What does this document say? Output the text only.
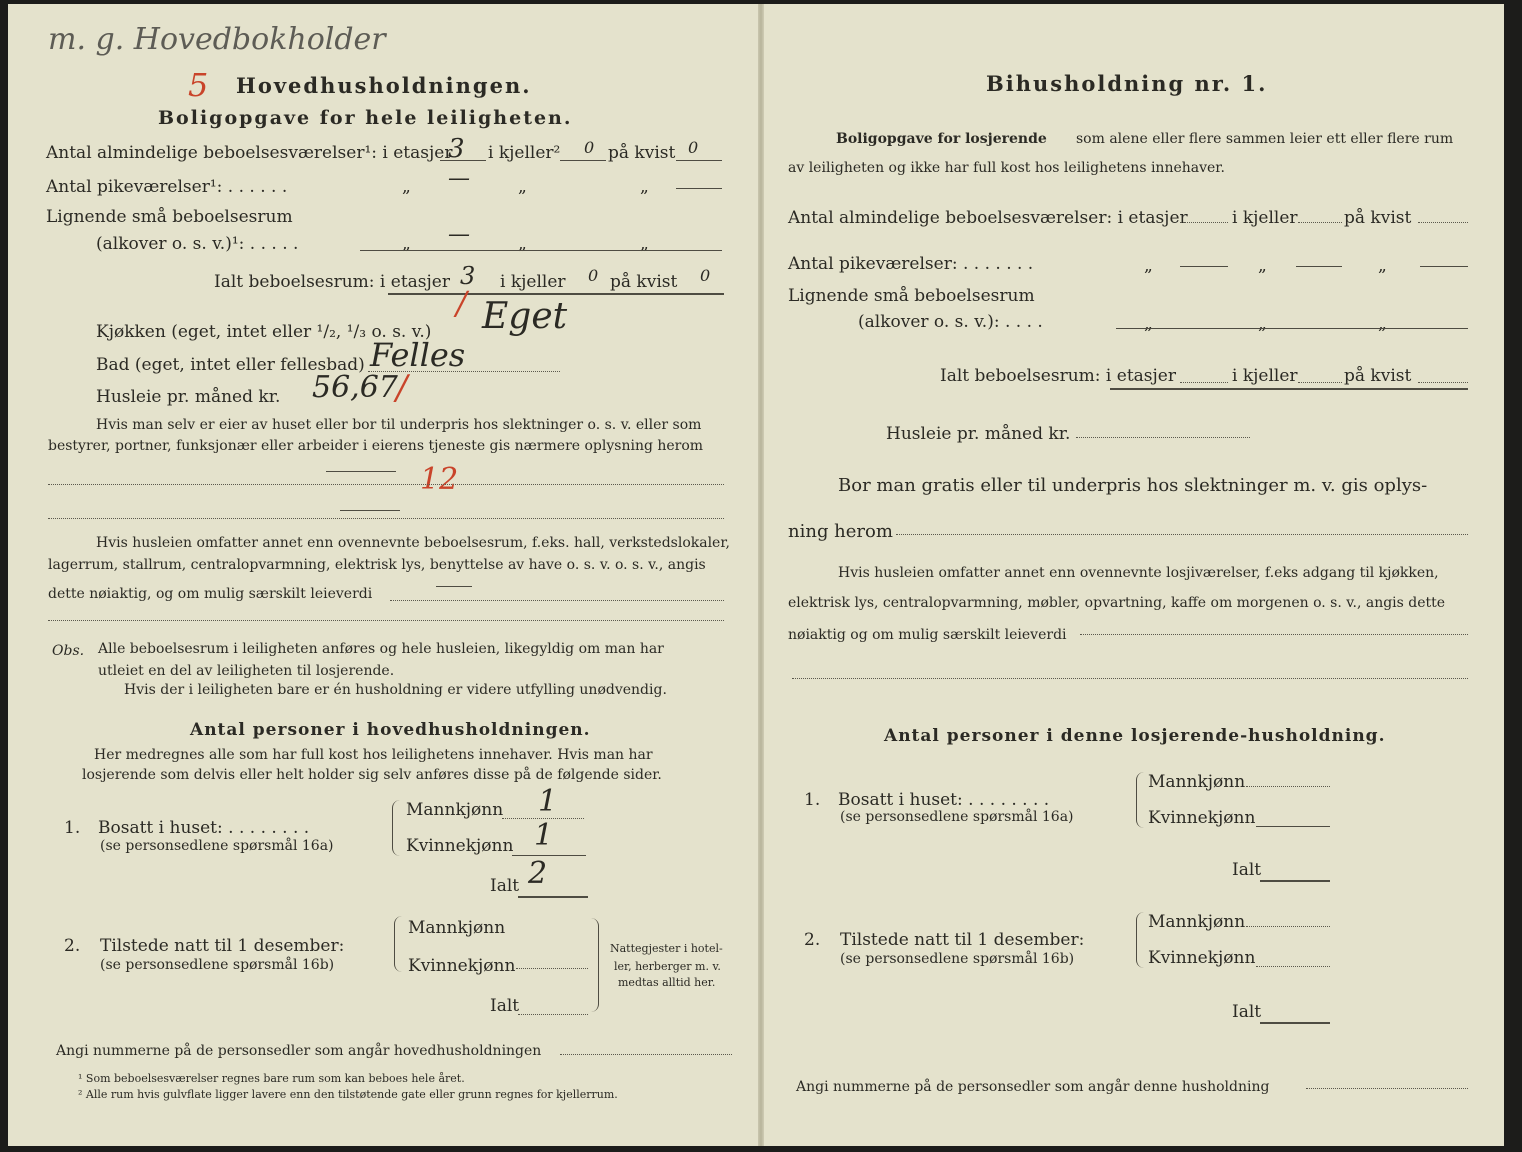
m. g. Hovedbokholder
5 Hovedhusholdningen.
Boligopgave for hele leiligheten.
Antal almindelige beboelsesværelser¹: i etasjer
3 i kjeller² 0 på kvist 0
Antal pikeværelser¹: . . . . . .	„ —	„	„
Lignende små beboelsesrum
(alkover o. s. v.)¹: . . . . .	„ —	„	„
Ialt beboelsesrum: i etasjer 3 i kjeller 0 på kvist 0
Kjøkken (eget, intet eller ¹/₂, ¹/₃ o. s. v.)
/ Eget
Bad (eget, intet eller fellesbad) Felles
Husleie pr. måned kr. 56,67
/
Hvis man selv er eier av huset eller bor til underpris hos slektninger o. s. v. eller som
bestyrer, portner, funksjonær eller arbeider i eierens tjeneste gis nærmere oplysning herom
12
Hvis husleien omfatter annet enn ovennevnte beboelsesrum, f.eks. hall, verkstedslokaler,
lagerrum, stallrum, centralopvarmning, elektrisk lys, benyttelse av have o. s. v. o. s. v., angis
dette nøiaktig, og om mulig særskilt leieverdi
Obs. Alle beboelsesrum i leiligheten anføres og hele husleien, likegyldig om man har
utleiet en del av leiligheten til losjerende.
Hvis der i leiligheten bare er én husholdning er videre utfylling unødvendig.
Antal personer i hovedhusholdningen.
Her medregnes alle som har full kost hos leilighetens innehaver. Hvis man har
losjerende som delvis eller helt holder sig selv anføres disse på de følgende sider.
1. Bosatt i huset: . . . . . . . .
(se personsedlene spørsmål 16a)
Mannkjønn 1
Kvinnekjønn 1
Ialt 2
2. Tilstede natt til 1 desember:
(se personsedlene spørsmål 16b)
Mannkjønn
Kvinnekjønn
Ialt
Nattegjester i hotel-
ler, herberger m. v.
medtas alltid her.
Angi nummerne på de personsedler som angår hovedhusholdningen
¹ Som beboelsesværelser regnes bare rum som kan beboes hele året.
² Alle rum hvis gulvflate ligger lavere enn den tilstøtende gate eller grunn regnes for kjellerrum.
Bihusholdning nr. 1.
Boligopgave for losjerende som alene eller flere sammen leier ett eller flere rum
av leiligheten og ikke har full kost hos leilighetens innehaver.
Antal almindelige beboelsesværelser: i etasjer	i kjeller	på kvist
Antal pikeværelser: . . . . . . .	„	„	„
Lignende små beboelsesrum
(alkover o. s. v.): . . . .	„	„	„
Ialt beboelsesrum: i etasjer	i kjeller	på kvist
Husleie pr. måned kr.
Bor man gratis eller til underpris hos slektninger m. v. gis oplys-
ning herom
Hvis husleien omfatter annet enn ovennevnte losjiværelser, f.eks adgang til kjøkken,
elektrisk lys, centralopvarmning, møbler, opvartning, kaffe om morgenen o. s. v., angis dette
nøiaktig og om mulig særskilt leieverdi
Antal personer i denne losjerende-husholdning.
1. Bosatt i huset: . . . . . . . .
(se personsedlene spørsmål 16a)
Mannkjønn
Kvinnekjønn
Ialt
2. Tilstede natt til 1 desember:
(se personsedlene spørsmål 16b)
Mannkjønn
Kvinnekjønn
Ialt
Angi nummerne på de personsedler som angår denne husholdning
